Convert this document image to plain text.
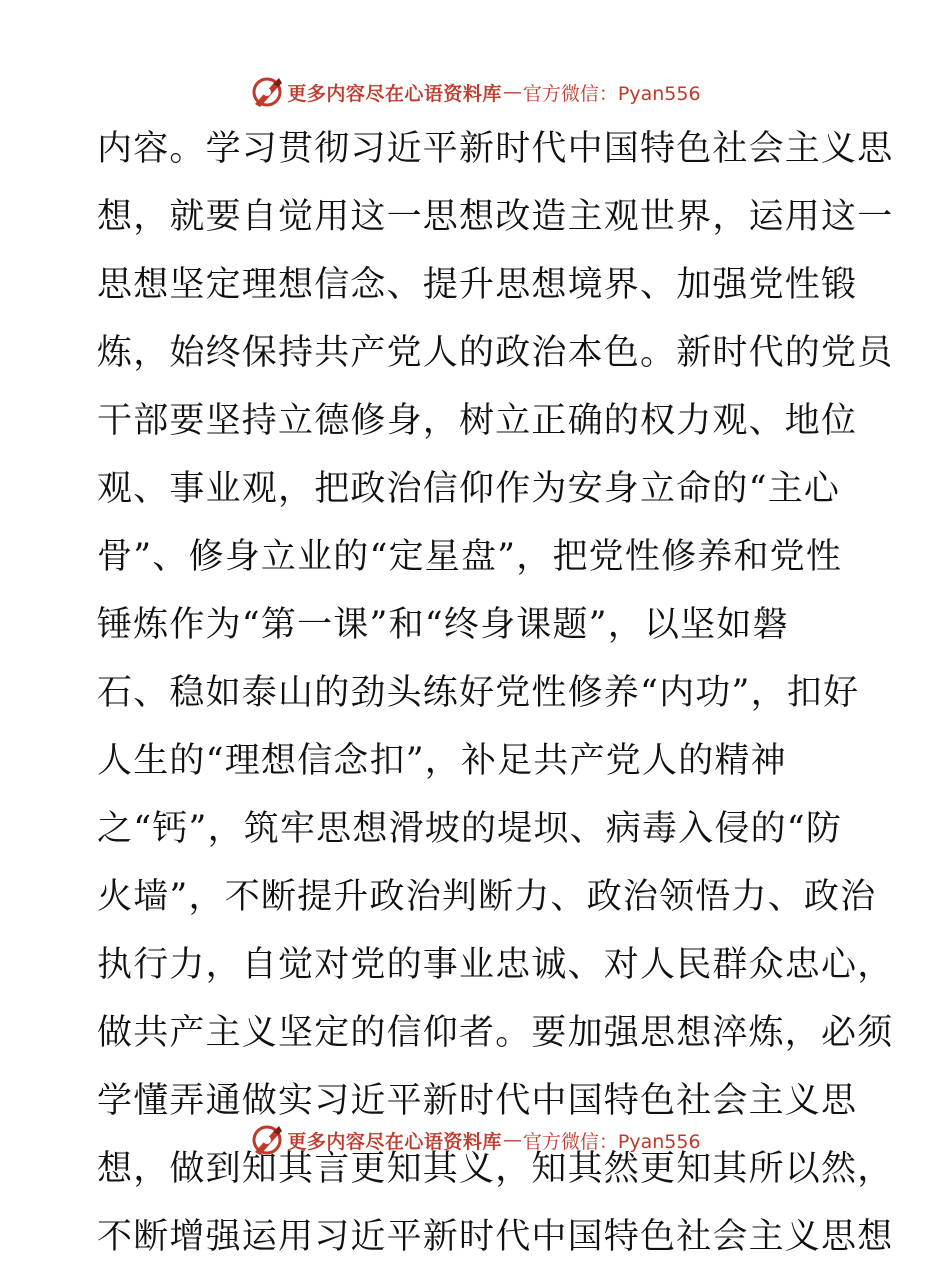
更多内容尽在心语资料库 — 官方微信：Pyan556
内容。学习贯彻习近平新时代中国特色社会主义思
想，就要自觉用这一思想改造主观世界，运用这一
思想坚定理想信念、提升思想境界、加强党性锻
炼，始终保持共产党人的政治本色。新时代的党员
干部要坚持立德修身，树立正确的权力观、地位
观、事业观，把政治信仰作为安身立命的“主心
骨”、修身立业的“定星盘”，把党性修养和党性
锤炼作为“第一课”和“终身课题”，以坚如磐
石、稳如泰山的劲头练好党性修养“内功”，扣好
人生的“理想信念扣”，补足共产党人的精神
之“钙”，筑牢思想滑坡的堤坝、病毒入侵的“防
火墙”，不断提升政治判断力、政治领悟力、政治
执行力，自觉对党的事业忠诚、对人民群众忠心，
做共产主义坚定的信仰者。要加强思想淬炼，必须
学懂弄通做实习近平新时代中国特色社会主义思
想，做到知其言更知其义，知其然更知其所以然，
不断增强运用习近平新时代中国特色社会主义思想
更多内容尽在心语资料库 — 官方微信：Pyan556
